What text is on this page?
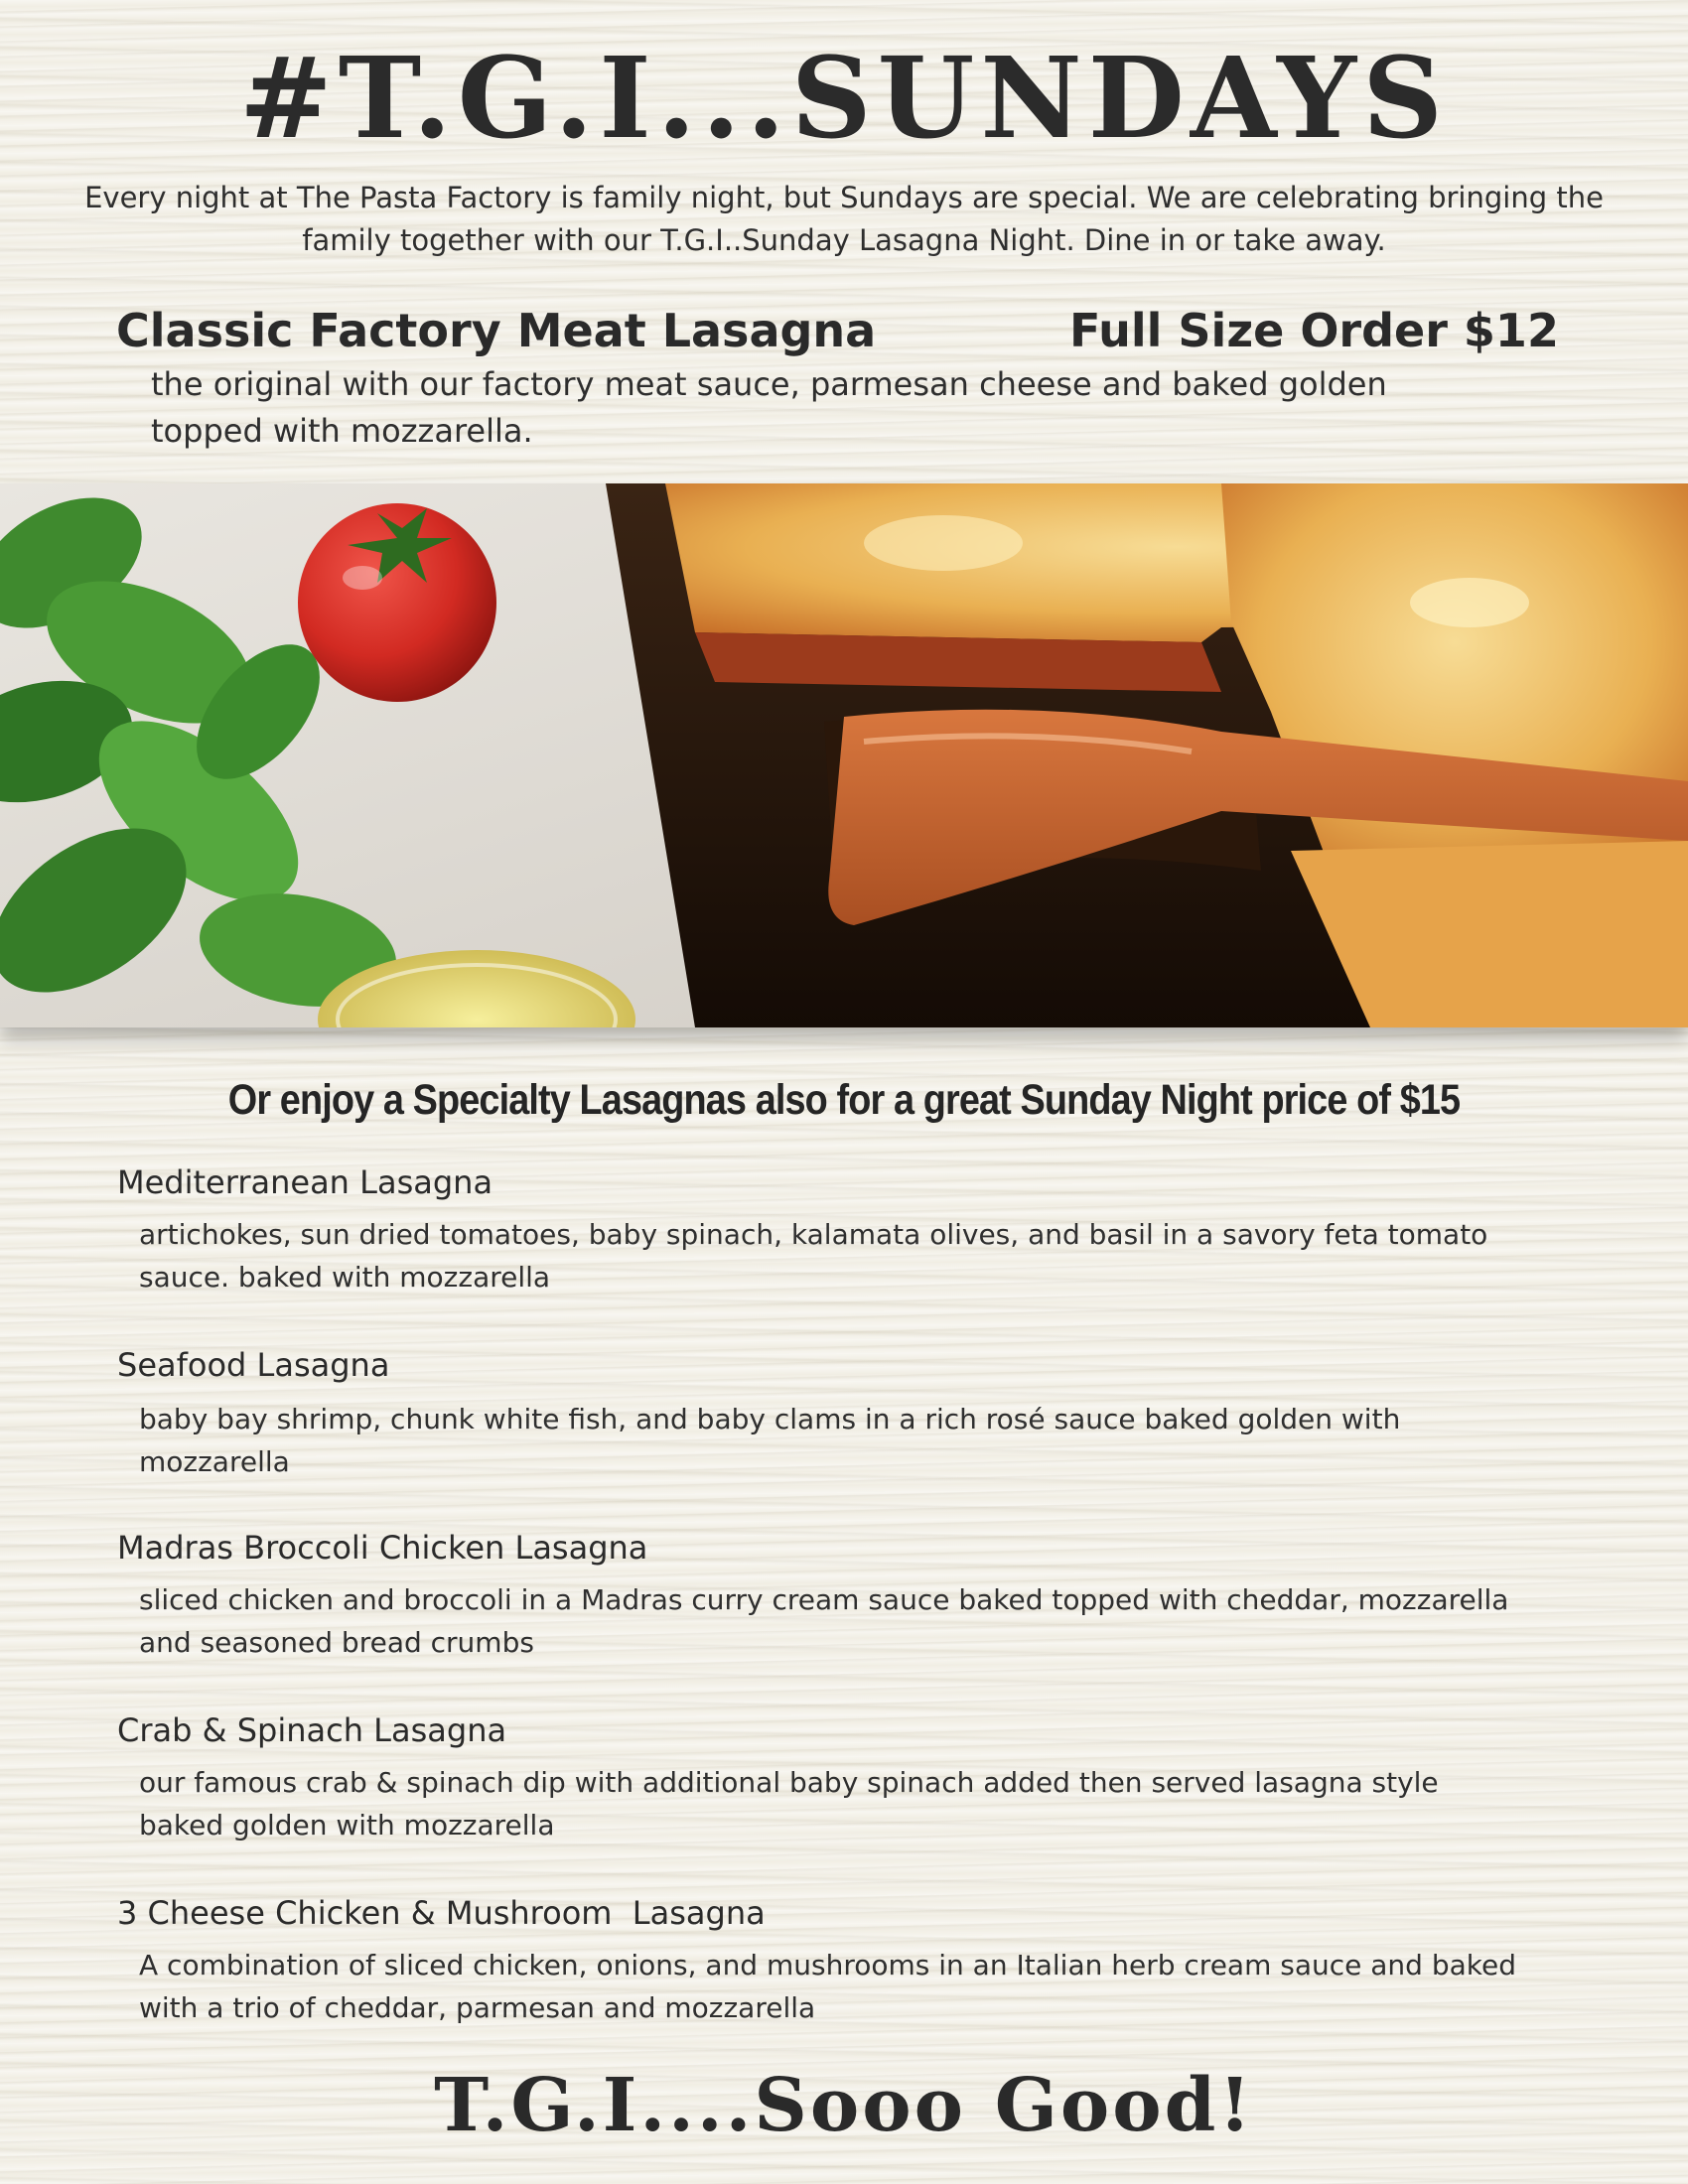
#T.G.I...SUNDAYS
Every night at The Pasta Factory is family night, but Sundays are special. We are celebrating bringing the family together with our T.G.I..Sunday Lasagna Night. Dine in or take away.
Classic Factory Meat Lasagna	Full Size Order $12
the original with our factory meat sauce, parmesan cheese and baked golden topped with mozzarella.
Or enjoy a Specialty Lasagnas also for a great Sunday Night price of $15
Mediterranean Lasagna
artichokes, sun dried tomatoes, baby spinach, kalamata olives, and basil in a savory feta tomato sauce. baked with mozzarella
Seafood Lasagna
baby bay shrimp, chunk white fish, and baby clams in a rich rosé sauce baked golden with mozzarella
Madras Broccoli Chicken Lasagna
sliced chicken and broccoli in a Madras curry cream sauce baked topped with cheddar, mozzarella and seasoned bread crumbs
Crab & Spinach Lasagna
our famous crab & spinach dip with additional baby spinach added then served lasagna style baked golden with mozzarella
3 Cheese Chicken & Mushroom  Lasagna
A combination of sliced chicken, onions, and mushrooms in an Italian herb cream sauce and baked with a trio of cheddar, parmesan and mozzarella
T.G.I....Sooo Good!
